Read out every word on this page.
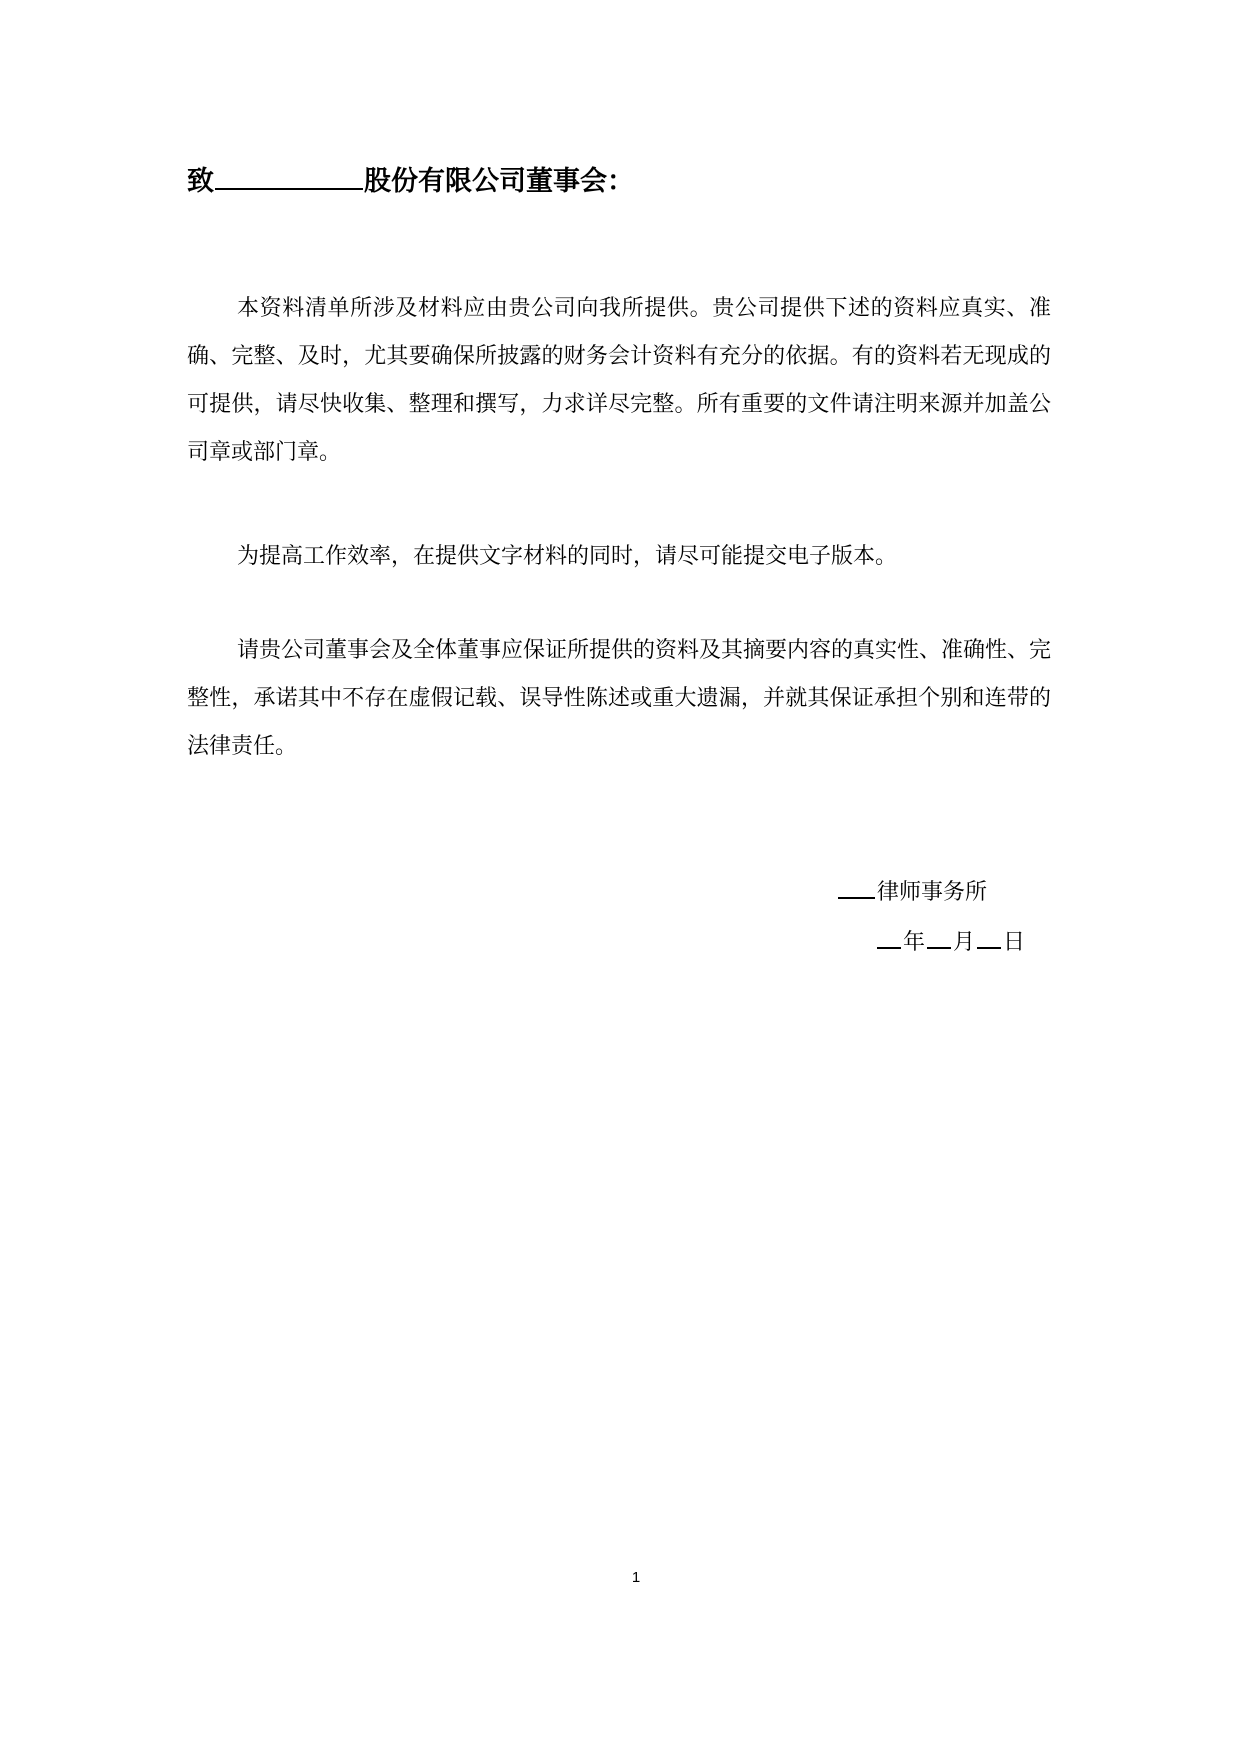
致	股份有限公司董事会：

本资料清单所涉及材料应由贵公司向我所提供。贵公司提供下述的资料应真实、准确、完整、及时，尤其要确保所披露的财务会计资料有充分的依据。有的资料若无现成的可提供，请尽快收集、整理和撰写，力求详尽完整。所有重要的文件请注明来源并加盖公司章或部门章。

为提高工作效率，在提供文字材料的同时，请尽可能提交电子版本。

请贵公司董事会及全体董事应保证所提供的资料及其摘要内容的真实性、准确性、完整性，承诺其中不存在虚假记载、误导性陈述或重大遗漏，并就其保证承担个别和连带的法律责任。

律师事务所
年 月 日
1
